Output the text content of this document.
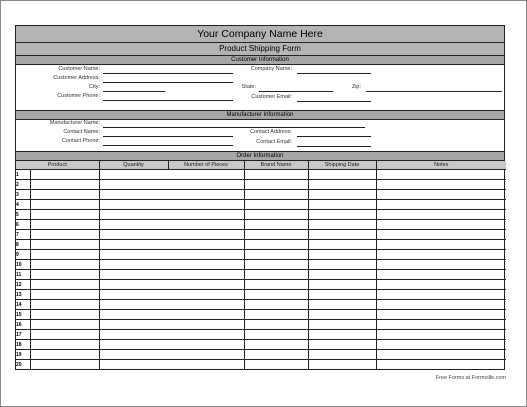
Your Company Name Here
Product Shipping Form
Customer Information
Customer Name:	Company Name:
Customer Address:
City:	State:	Zip:
Customer Phone:	Customer Email:
Manufacturer Information
Manufacturer Name:
Contact Name:	Contact Address:
Contact Phone:	Contact Email:
Order Information
Product		Quantity	Number of Pieces	Brand Name	Shipping Date	Notes
1						
2						
3						
4						
5						
6						
7						
8						
9						
10						
11						
12						
13						
14						
15						
16						
17						
18						
19						
20						
Free Forms at Formville.com
